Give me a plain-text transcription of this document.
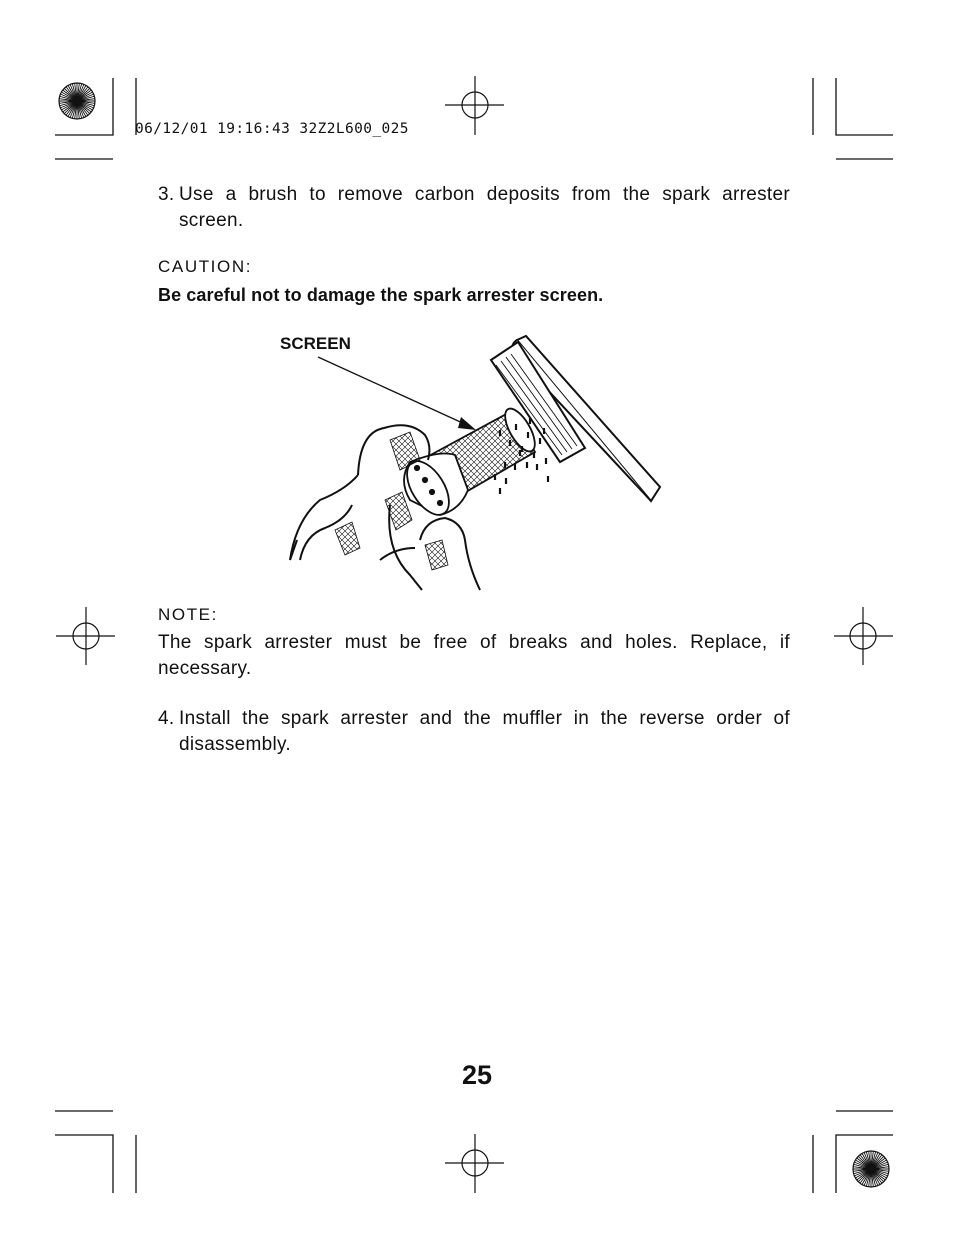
06/12/01 19:16:43 32Z2L600_025
3. Use a brush to remove carbon deposits from the spark arrester screen.
CAUTION:
Be careful not to damage the spark arrester screen.
SCREEN
NOTE:
The spark arrester must be free of breaks and holes. Replace, if necessary.
4. Install the spark arrester and the muffler in the reverse order of disassembly.
25
